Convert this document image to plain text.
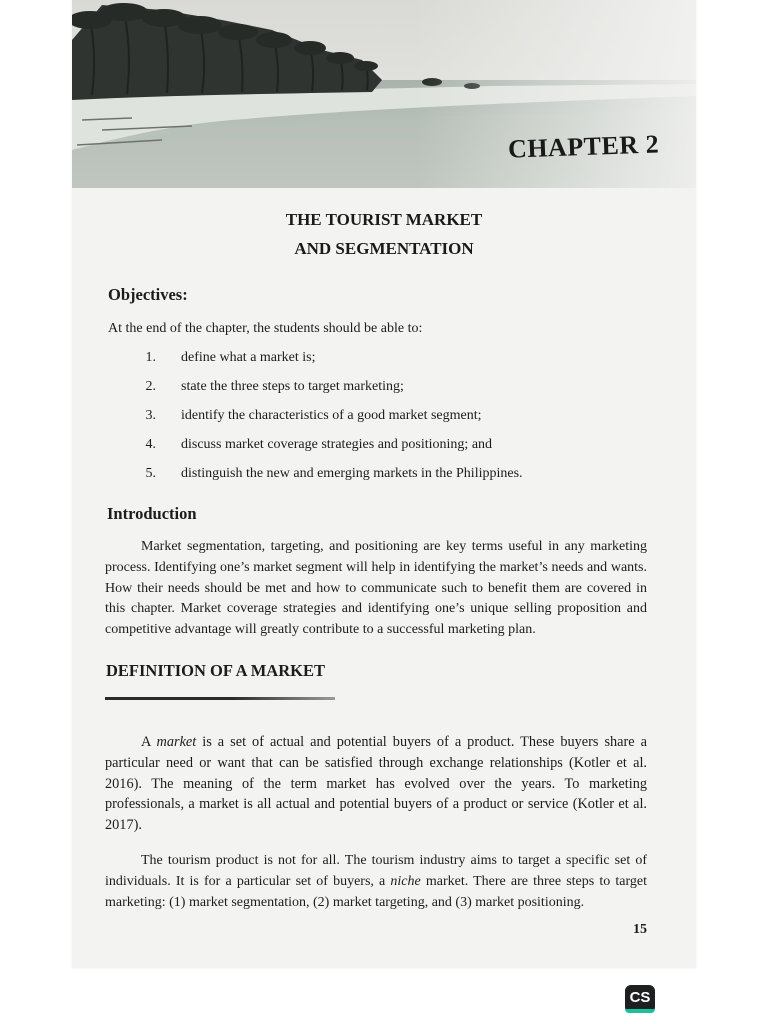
CHAPTER 2
THE TOURIST MARKET
AND SEGMENTATION
Objectives:
At the end of the chapter, the students should be able to:
1. define what a market is;
2. state the three steps to target marketing;
3. identify the characteristics of a good market segment;
4. discuss market coverage strategies and positioning; and
5. distinguish the new and emerging markets in the Philippines.
Introduction
Market segmentation, targeting, and positioning are key terms useful in any marketing process. Identifying one’s market segment will help in identifying the market’s needs and wants. How their needs should be met and how to communicate such to benefit them are covered in this chapter. Market coverage strategies and identifying one’s unique selling proposition and competitive advantage will greatly contribute to a successful marketing plan.
DEFINITION OF A MARKET
A market is a set of actual and potential buyers of a product. These buyers share a particular need or want that can be satisfied through exchange relationships (Kotler et al. 2016). The meaning of the term market has evolved over the years. To marketing professionals, a market is all actual and potential buyers of a product or service (Kotler et al. 2017).
The tourism product is not for all. The tourism industry aims to target a specific set of individuals. It is for a particular set of buyers, a niche market. There are three steps to target marketing: (1) market segmentation, (2) market targeting, and (3) market positioning.
15
CS
